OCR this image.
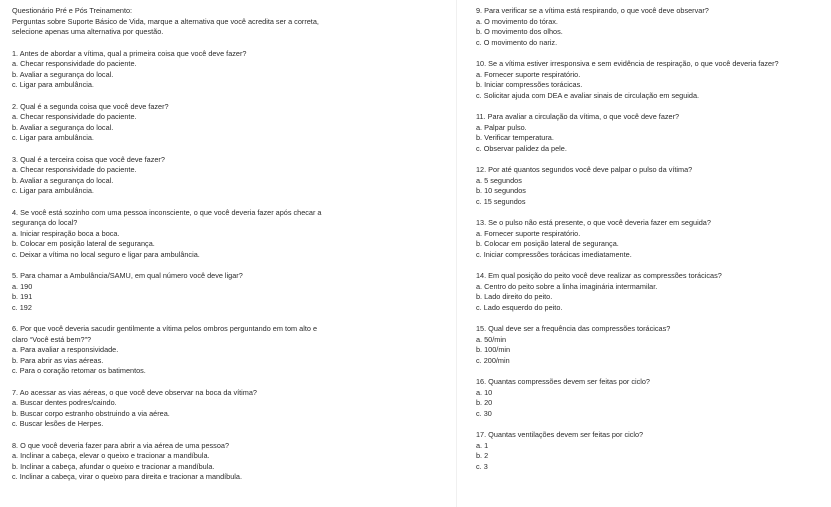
Questionário Pré e Pós Treinamento:
Perguntas sobre Suporte Básico de Vida, marque a alternativa que você acredita ser a correta, selecione apenas uma alternativa por questão.
1. Antes de abordar a vítima, qual a primeira coisa que você deve fazer?
a. Checar responsividade do paciente.
b. Avaliar a segurança do local.
c. Ligar para ambulância.
2. Qual é a segunda coisa que você deve fazer?
a. Checar responsividade do paciente.
b. Avaliar a segurança do local.
c. Ligar para ambulância.
3. Qual é a terceira coisa que você deve fazer?
a. Checar responsividade do paciente.
b. Avaliar a segurança do local.
c. Ligar para ambulância.
4. Se você está sozinho com uma pessoa inconsciente, o que você deveria fazer após checar a segurança do local?
a. Iniciar respiração boca a boca.
b. Colocar em posição lateral de segurança.
c. Deixar a vítima no local seguro e ligar para ambulância.
5. Para chamar a Ambulância/SAMU, em qual número você deve ligar?
a. 190
b. 191
c. 192
6. Por que você deveria sacudir gentilmente a vítima pelos ombros perguntando em tom alto e claro “Você está bem?”?
a. Para avaliar a responsividade.
b. Para abrir as vias aéreas.
c. Para o coração retomar os batimentos.
7. Ao acessar as vias aéreas, o que você deve observar na boca da vítima?
a. Buscar dentes podres/caindo.
b. Buscar corpo estranho obstruindo a via aérea.
c. Buscar lesões de Herpes.
8. O que você deveria fazer para abrir a via aérea de uma pessoa?
a. Inclinar a cabeça, elevar o queixo e tracionar a mandíbula.
b. Inclinar a cabeça, afundar o queixo e tracionar a mandíbula.
c. Inclinar a cabeça, virar o queixo para direita e tracionar a mandíbula.
9. Para verificar se a vítima está respirando, o que você deve observar?
a. O movimento do tórax.
b. O movimento dos olhos.
c. O movimento do nariz.
10. Se a vítima estiver irresponsiva e sem evidência de respiração, o que você deveria fazer?
a. Fornecer suporte respiratório.
b. Iniciar compressões torácicas.
c. Solicitar ajuda com DEA e avaliar sinais de circulação em seguida.
11. Para avaliar a circulação da vítima, o que você deve fazer?
a. Palpar pulso.
b. Verificar temperatura.
c. Observar palidez da pele.
12. Por até quantos segundos você deve palpar o pulso da vítima?
a. 5 segundos
b. 10 segundos
c. 15 segundos
13. Se o pulso não está presente, o que você deveria fazer em seguida?
a. Fornecer suporte respiratório.
b. Colocar em posição lateral de segurança.
c. Iniciar compressões torácicas imediatamente.
14. Em qual posição do peito você deve realizar as compressões torácicas?
a. Centro do peito sobre a linha imaginária intermamilar.
b. Lado direito do peito.
c. Lado esquerdo do peito.
15. Qual deve ser a frequência das compressões torácicas?
a. 50/min
b. 100/min
c. 200/min
16. Quantas compressões devem ser feitas por ciclo?
a. 10
b. 20
c. 30
17. Quantas ventilações devem ser feitas por ciclo?
a. 1
b. 2
c. 3
